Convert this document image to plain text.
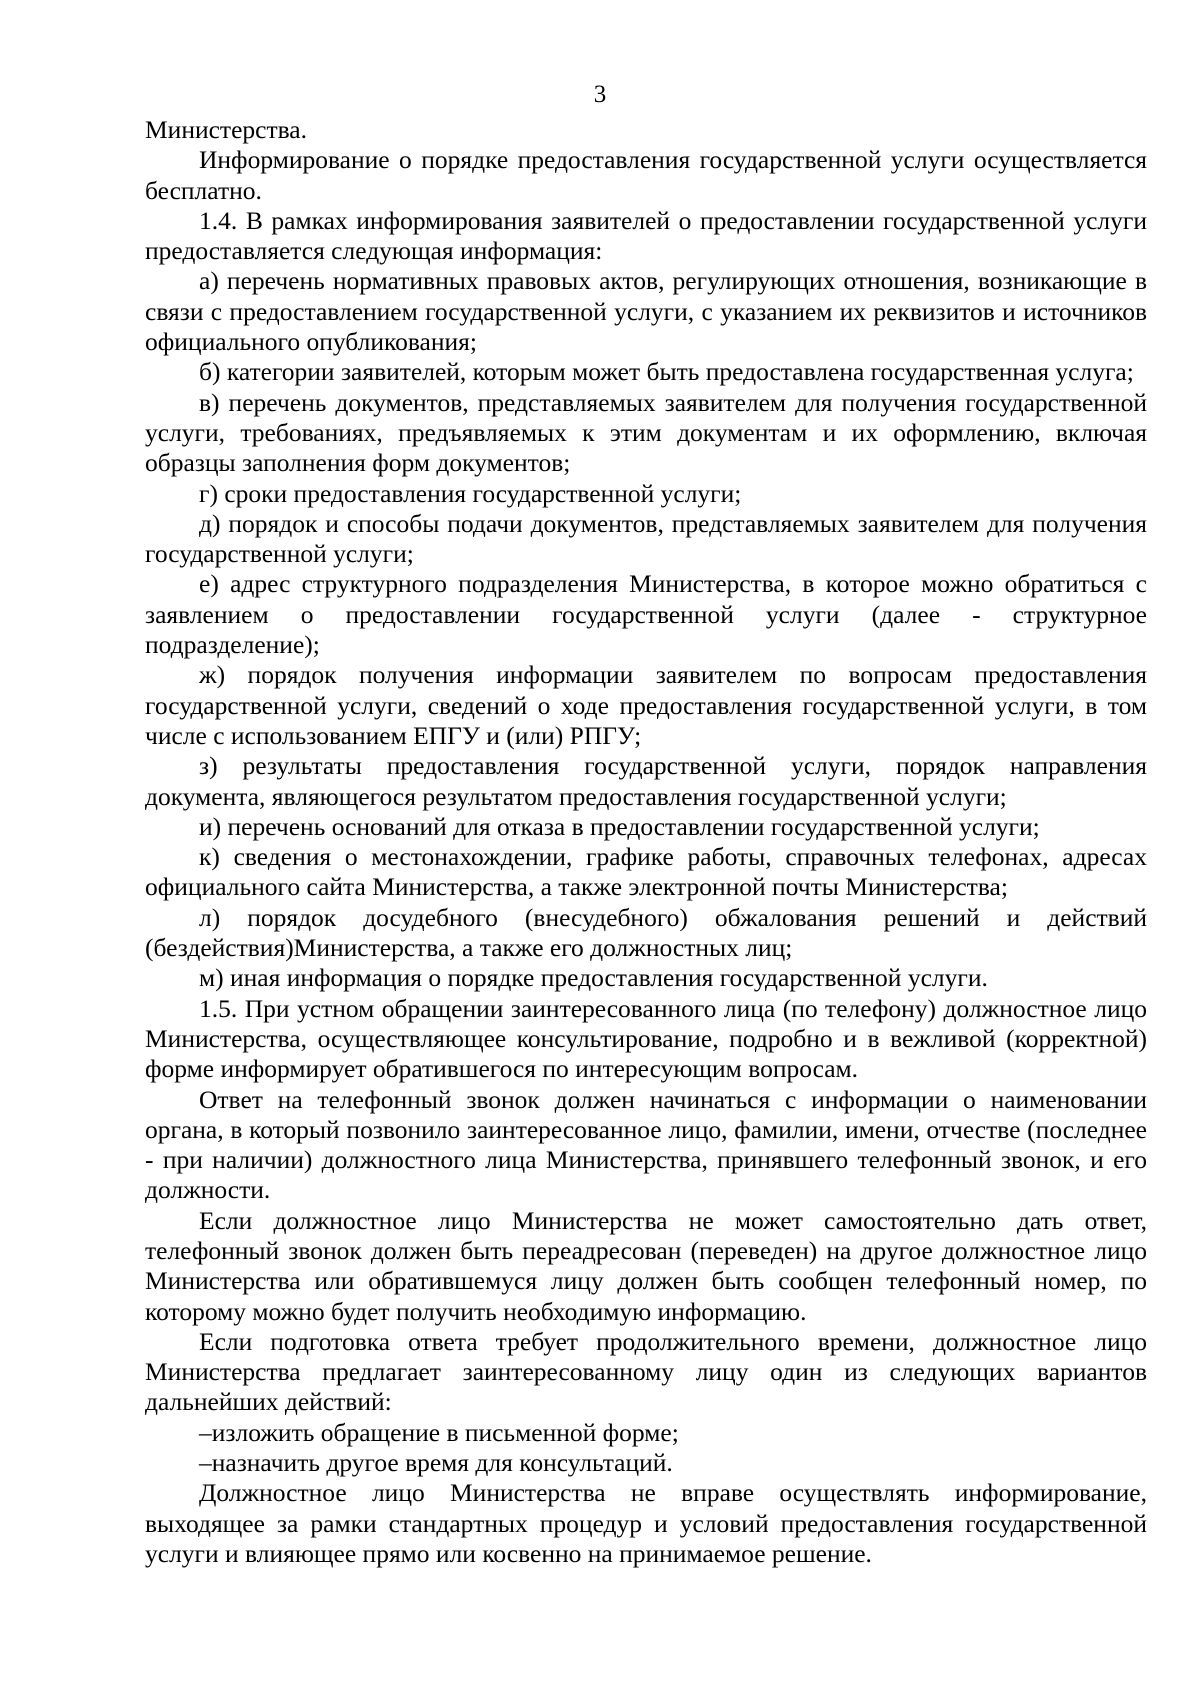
3

Министерства.

Информирование о порядке предоставления государственной услуги осуществляется бесплатно.

1.4. В рамках информирования заявителей о предоставлении государственной услуги предоставляется следующая информация:

а) перечень нормативных правовых актов, регулирующих отношения, возникающие в связи с предоставлением государственной услуги, с указанием их реквизитов и источников официального опубликования;

б) категории заявителей, которым может быть предоставлена государственная услуга;

в) перечень документов, представляемых заявителем для получения государственной услуги, требованиях, предъявляемых к этим документам и их оформлению, включая образцы заполнения форм документов;

г) сроки предоставления государственной услуги;

д) порядок и способы подачи документов, представляемых заявителем для получения государственной услуги;

е) адрес структурного подразделения Министерства, в которое можно обратиться с заявлением о предоставлении государственной услуги (далее - структурное подразделение);

ж) порядок получения информации заявителем по вопросам предоставления государственной услуги, сведений о ходе предоставления государственной услуги, в том числе с использованием ЕПГУ и (или) РПГУ;

з) результаты предоставления государственной услуги, порядок направления документа, являющегося результатом предоставления государственной услуги;

и) перечень оснований для отказа в предоставлении государственной услуги;

к) сведения о местонахождении, графике работы, справочных телефонах, адресах официального сайта Министерства, а также электронной почты Министерства;

л) порядок досудебного (внесудебного) обжалования решений и действий (бездействия)Министерства, а также его должностных лиц;

м) иная информация о порядке предоставления государственной услуги.

1.5. При устном обращении заинтересованного лица (по телефону) должностное лицо Министерства, осуществляющее консультирование, подробно и в вежливой (корректной) форме информирует обратившегося по интересующим вопросам.

Ответ на телефонный звонок должен начинаться с информации о наименовании органа, в который позвонило заинтересованное лицо, фамилии, имени, отчестве (последнее - при наличии) должностного лица Министерства, принявшего телефонный звонок, и его должности.

Если должностное лицо Министерства не может самостоятельно дать ответ, телефонный звонок должен быть переадресован (переведен) на другое должностное лицо Министерства или обратившемуся лицу должен быть сообщен телефонный номер, по которому можно будет получить необходимую информацию.

Если подготовка ответа требует продолжительного времени, должностное лицо Министерства предлагает заинтересованному лицу один из следующих вариантов дальнейших действий:

–изложить обращение в письменной форме;

–назначить другое время для консультаций.

Должностное лицо Министерства не вправе осуществлять информирование, выходящее за рамки стандартных процедур и условий предоставления государственной услуги и влияющее прямо или косвенно на принимаемое решение.
